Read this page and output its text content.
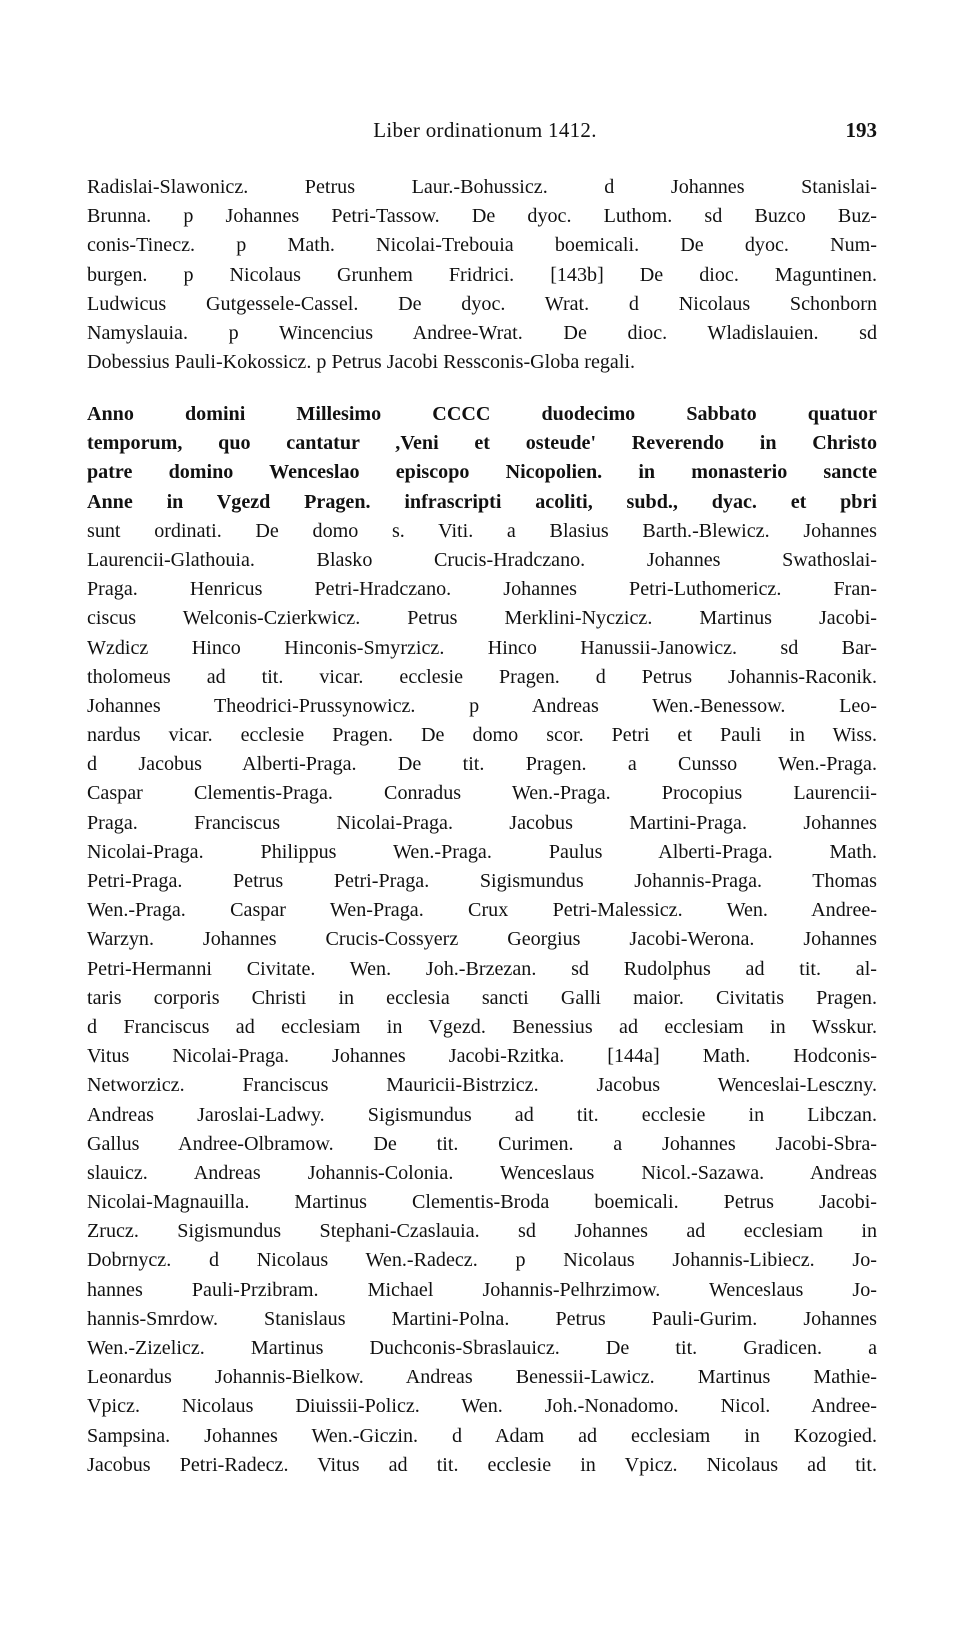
Liber ordinationum 1412.	193
Radislai-Slawonicz. Petrus Laur.-Bohussicz. d Johannes Stanislai-
Brunna. p Johannes Petri-Tassow. De dyoc. Luthom. sd Buzco Buz-
conis-Tinecz. p Math. Nicolai-Trebouia boemicali. De dyoc. Num-
burgen. p Nicolaus Grunhem Fridrici. [143b] De dioc. Maguntinen.
Ludwicus Gutgessele-Cassel. De dyoc. Wrat. d Nicolaus Schonborn
Namyslauia. p Wincencius Andree-Wrat. De dioc. Wladislauien. sd
Dobessius Pauli-Kokossicz. p Petrus Jacobi Ressconis-Globa regali.
Anno domini Millesimo CCCC duodecimo Sabbato quatuor
temporum, quo cantatur ,Veni et osteude' Reverendo in Christo
patre domino Wenceslao episcopo Nicopolien. in monasterio sancte
Anne in Vgezd Pragen. infrascripti acoliti, subd., dyac. et pbri
sunt ordinati. De domo s. Viti. a Blasius Barth.-Blewicz. Johannes
Laurencii-Glathouia. Blasko Crucis-Hradczano. Johannes Swathoslai-
Praga. Henricus Petri-Hradczano. Johannes Petri-Luthomericz. Fran-
ciscus Welconis-Czierkwicz. Petrus Merklini-Nyczicz. Martinus Jacobi-
Wzdicz Hinco Hinconis-Smyrzicz. Hinco Hanussii-Janowicz. sd Bar-
tholomeus ad tit. vicar. ecclesie Pragen. d Petrus Johannis-Raconik.
Johannes Theodrici-Prussynowicz. p Andreas Wen.-Benessow. Leo-
nardus vicar. ecclesie Pragen. De domo scor. Petri et Pauli in Wiss.
d Jacobus Alberti-Praga. De tit. Pragen. a Cunsso Wen.-Praga.
Caspar Clementis-Praga. Conradus Wen.-Praga. Procopius Laurencii-
Praga. Franciscus Nicolai-Praga. Jacobus Martini-Praga. Johannes
Nicolai-Praga. Philippus Wen.-Praga. Paulus Alberti-Praga. Math.
Petri-Praga. Petrus Petri-Praga. Sigismundus Johannis-Praga. Thomas
Wen.-Praga. Caspar Wen-Praga. Crux Petri-Malessicz. Wen. Andree-
Warzyn. Johannes Crucis-Cossyerz Georgius Jacobi-Werona. Johannes
Petri-Hermanni Civitate. Wen. Joh.-Brzezan. sd Rudolphus ad tit. al-
taris corporis Christi in ecclesia sancti Galli maior. Civitatis Pragen.
d Franciscus ad ecclesiam in Vgezd. Benessius ad ecclesiam in Wsskur.
Vitus Nicolai-Praga. Johannes Jacobi-Rzitka. [144a] Math. Hodconis-
Networzicz. Franciscus Mauricii-Bistrzicz. Jacobus Wenceslai-Lesczny.
Andreas Jaroslai-Ladwy. Sigismundus ad tit. ecclesie in Libczan.
Gallus Andree-Olbramow. De tit. Curimen. a Johannes Jacobi-Sbra-
slauicz. Andreas Johannis-Colonia. Wenceslaus Nicol.-Sazawa. Andreas
Nicolai-Magnauilla. Martinus Clementis-Broda boemicali. Petrus Jacobi-
Zrucz. Sigismundus Stephani-Czaslauia. sd Johannes ad ecclesiam in
Dobrnycz. d Nicolaus Wen.-Radecz. p Nicolaus Johannis-Libiecz. Jo-
hannes Pauli-Przibram. Michael Johannis-Pelhrzimow. Wenceslaus Jo-
hannis-Smrdow. Stanislaus Martini-Polna. Petrus Pauli-Gurim. Johannes
Wen.-Zizelicz. Martinus Duchconis-Sbraslauicz. De tit. Gradicen. a
Leonardus Johannis-Bielkow. Andreas Benessii-Lawicz. Martinus Mathie-
Vpicz. Nicolaus Diuissii-Policz. Wen. Joh.-Nonadomo. Nicol. Andree-
Sampsina. Johannes Wen.-Giczin. d Adam ad ecclesiam in Kozogied.
Jacobus Petri-Radecz. Vitus ad tit. ecclesie in Vpicz. Nicolaus ad tit.
